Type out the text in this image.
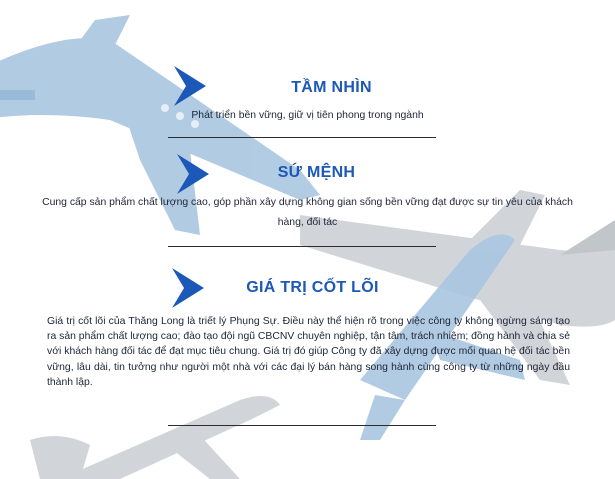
TẦM NHÌN
Phát triển bền vững, giữ vị tiên phong trong ngành
SỨ MỆNH
Cung cấp sản phẩm chất lượng cao, góp phần xây dựng không gian sống bền vững đạt được sự tin yêu của khách hàng, đối tác
GIÁ TRỊ CỐT LÕI
Giá trị cốt lõi của Thăng Long là triết lý Phụng Sự. Điều này thể hiện rõ trong việc công ty không ngừng sáng tạo ra sản phẩm chất lượng cao; đào tạo đội ngũ CBCNV chuyên nghiệp, tận tâm, trách nhiệm; đồng hành và chia sẻ với khách hàng đối tác để đạt mục tiêu chung. Giá trị đó giúp Công ty đã xây dựng được mối quan hệ đối tác bền vững, lâu dài, tin tưởng như người một nhà với các đại lý bán hàng song hành cùng công ty từ những ngày đầu thành lập.
